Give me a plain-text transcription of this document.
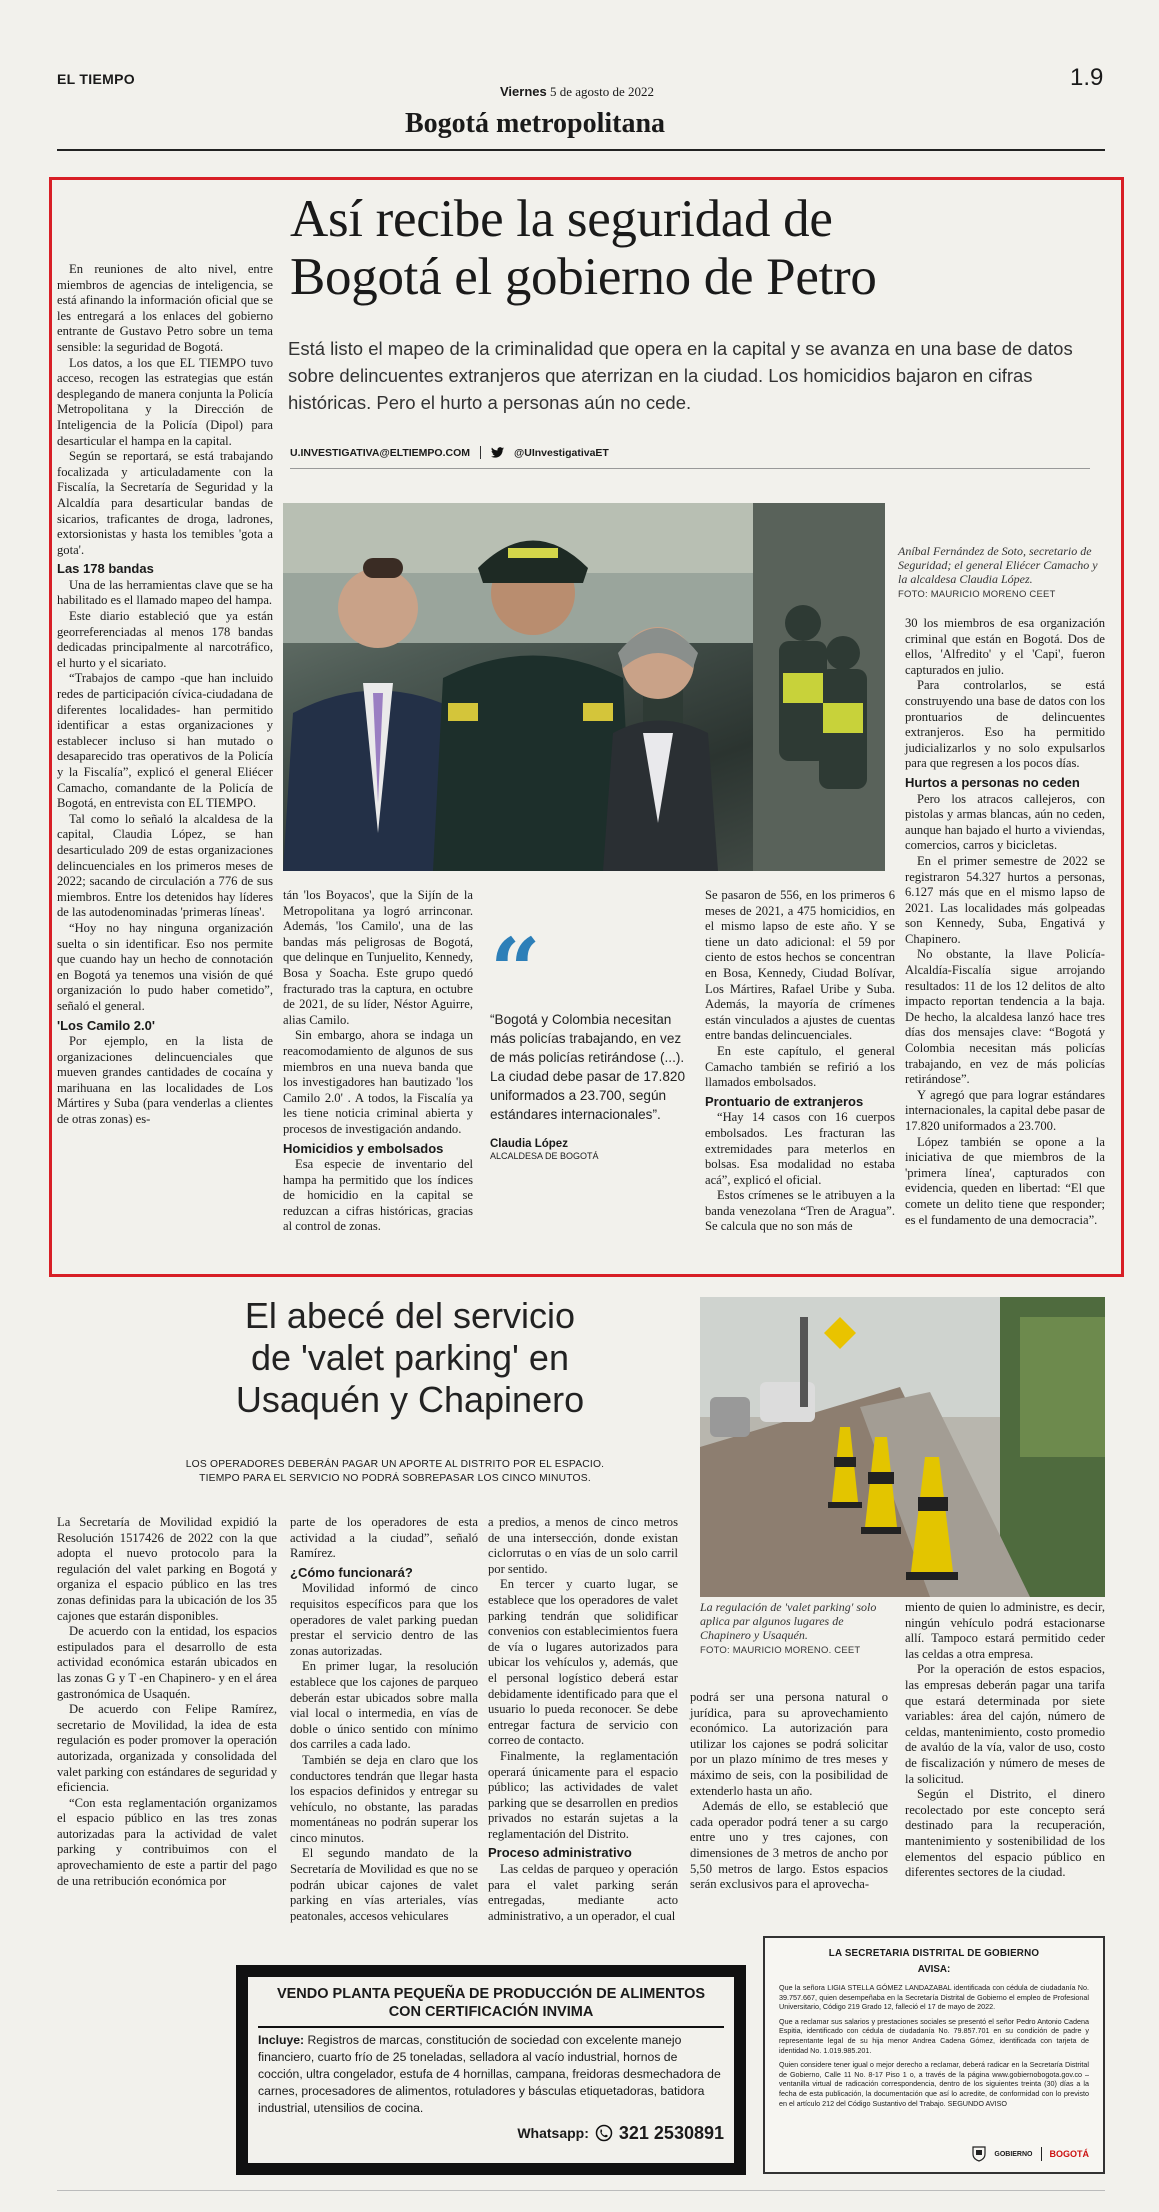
EL TIEMPO
Viernes 5 de agosto de 2022
1.9
Bogotá metropolitana
Así recibe la seguridad de
Bogotá el gobierno de Petro
Está listo el mapeo de la criminalidad que opera en la capital y se avanza en una base de datos sobre delincuentes extranjeros que aterrizan en la ciudad. Los homicidios bajaron en cifras históricas. Pero el hurto a personas aún no cede.
U.INVESTIGATIVA@ELTIEMPO.COM	@UInvestigativaET
Aníbal Fernández de Soto, secretario de Seguridad; el general Eliécer Camacho y la alcaldesa Claudia López.
FOTO: MAURICIO MORENO CEET

En reuniones de alto nivel, entre miembros de agencias de inteligencia, se está afinando la información oficial que se les entregará a los enlaces del gobierno entrante de Gustavo Petro sobre un tema sensible: la seguridad de Bogotá.

Los datos, a los que EL TIEMPO tuvo acceso, recogen las estrategias que están desplegando de manera conjunta la Policía Metropolitana y la Dirección de Inteligencia de la Policía (Dipol) para desarticular el hampa en la capital.

Según se reportará, se está trabajando focalizada y articuladamente con la Fiscalía, la Secretaría de Seguridad y la Alcaldía para desarticular bandas de sicarios, traficantes de droga, ladrones, extorsionistas y hasta los temibles 'gota a gota'.

Las 178 bandas

Una de las herramientas clave que se ha habilitado es el llamado mapeo del hampa.

Este diario estableció que ya están georreferenciadas al menos 178 bandas dedicadas principalmente al narcotráfico, el hurto y el sicariato.

“Trabajos de campo -que han incluido redes de participación cívica-ciudadana de diferentes localidades- han permitido identificar a estas organizaciones y establecer incluso si han mutado o desaparecido tras operativos de la Policía y la Fiscalía”, explicó el general Eliécer Camacho, comandante de la Policía de Bogotá, en entrevista con EL TIEMPO.

Tal como lo señaló la alcaldesa de la capital, Claudia López, se han desarticulado 209 de estas organizaciones delincuenciales en los primeros meses de 2022; sacando de circulación a 776 de sus miembros. Entre los detenidos hay líderes de las autodenominadas 'primeras líneas'.

“Hoy no hay ninguna organización suelta o sin identificar. Eso nos permite que cuando hay un hecho de connotación en Bogotá ya tenemos una visión de qué organización lo pudo haber cometido”, señaló el general.

'Los Camilo 2.0'

Por ejemplo, en la lista de organizaciones delincuenciales que mueven grandes cantidades de cocaína y marihuana en las localidades de Los Mártires y Suba (para venderlas a clientes de otras zonas) es-

tán 'los Boyacos', que la Sijín de la Metropolitana ya logró arrinconar. Además, 'los Camilo', una de las bandas más peligrosas de Bogotá, que delinque en Tunjuelito, Kennedy, Bosa y Soacha. Este grupo quedó fracturado tras la captura, en octubre de 2021, de su líder, Néstor Aguirre, alias Camilo.

Sin embargo, ahora se indaga un reacomodamiento de algunos de sus miembros en una nueva banda que los investigadores han bautizado 'los Camilo 2.0' . A todos, la Fiscalía ya les tiene noticia criminal abierta y procesos de investigación andando.

Homicidios y embolsados

Esa especie de inventario del hampa ha permitido que los índices de homicidio en la capital se reduzcan a cifras históricas, gracias al control de zonas.

“
“Bogotá y Colombia necesitan más policías trabajando, en vez de más policías retirándose (...). La ciudad debe pasar de 17.820 uniformados a 23.700, según estándares internacionales”.
Claudia López
ALCALDESA DE BOGOTÁ

Se pasaron de 556, en los primeros 6 meses de 2021, a 475 homicidios, en el mismo lapso de este año. Y se tiene un dato adicional: el 59 por ciento de estos hechos se concentran en Bosa, Kennedy, Ciudad Bolívar, Los Mártires, Rafael Uribe y Suba. Además, la mayoría de crímenes están vinculados a ajustes de cuentas entre bandas delincuenciales.

En este capítulo, el general Camacho también se refirió a los llamados embolsados.

Prontuario de extranjeros

“Hay 14 casos con 16 cuerpos embolsados. Les fracturan las extremidades para meterlos en bolsas. Esa modalidad no estaba acá”, explicó el oficial.

Estos crímenes se le atribuyen a la banda venezolana “Tren de Aragua”. Se calcula que no son más de

30 los miembros de esa organización criminal que están en Bogotá. Dos de ellos, 'Alfredito' y el 'Capi', fueron capturados en julio.

Para controlarlos, se está construyendo una base de datos con los prontuarios de delincuentes extranjeros. Eso ha permitido judicializarlos y no solo expulsarlos para que regresen a los pocos días.

Hurtos a personas no ceden

Pero los atracos callejeros, con pistolas y armas blancas, aún no ceden, aunque han bajado el hurto a viviendas, comercios, carros y bicicletas.

En el primer semestre de 2022 se registraron 54.327 hurtos a personas, 6.127 más que en el mismo lapso de 2021. Las localidades más golpeadas son Kennedy, Suba, Engativá y Chapinero.

No obstante, la llave Policía-Alcaldía-Fiscalía sigue arrojando resultados: 11 de los 12 delitos de alto impacto reportan tendencia a la baja. De hecho, la alcaldesa lanzó hace tres días dos mensajes clave: “Bogotá y Colombia necesitan más policías trabajando, en vez de más policías retirándose”.

Y agregó que para lograr estándares internacionales, la capital debe pasar de 17.820 uniformados a 23.700.

López también se opone a la iniciativa de que miembros de la 'primera línea', capturados con evidencia, queden en libertad: “El que comete un delito tiene que responder; es el fundamento de una democracia”.

El abecé del servicio
de 'valet parking' en
Usaquén y Chapinero
LOS OPERADORES DEBERÁN PAGAR UN APORTE AL DISTRITO POR EL ESPACIO.
TIEMPO PARA EL SERVICIO NO PODRÁ SOBREPASAR LOS CINCO MINUTOS.
La regulación de 'valet parking' solo aplica par algunos lugares de Chapinero y Usaquén.
FOTO: MAURICIO MORENO. CEET

La Secretaría de Movilidad expidió la Resolución 1517426 de 2022 con la que adopta el nuevo protocolo para la regulación del valet parking en Bogotá y organiza el espacio público en las tres zonas definidas para la ubicación de los 35 cajones que estarán disponibles.

De acuerdo con la entidad, los espacios estipulados para el desarrollo de esta actividad económica estarán ubicados en las zonas G y T -en Chapinero- y en el área gastronómica de Usaquén.

De acuerdo con Felipe Ramírez, secretario de Movilidad, la idea de esta regulación es poder promover la operación autorizada, organizada y consolidada del valet parking con estándares de seguridad y eficiencia.

“Con esta reglamentación organizamos el espacio público en las tres zonas autorizadas para la actividad de valet parking y contribuimos con el aprovechamiento de este a partir del pago de una retribución económica por

parte de los operadores de esta actividad a la ciudad”, señaló Ramírez.

¿Cómo funcionará?

Movilidad informó de cinco requisitos específicos para que los operadores de valet parking puedan prestar el servicio dentro de las zonas autorizadas.

En primer lugar, la resolución establece que los cajones de parqueo deberán estar ubicados sobre malla vial local o intermedia, en vías de doble o único sentido con mínimo dos carriles a cada lado.

También se deja en claro que los conductores tendrán que llegar hasta los espacios definidos y entregar su vehículo, no obstante, las paradas momentáneas no podrán superar los cinco minutos.

El segundo mandato de la Secretaría de Movilidad es que no se podrán ubicar cajones de valet parking en vías arteriales, vías peatonales, accesos vehiculares

a predios, a menos de cinco metros de una intersección, donde existan ciclorrutas o en vías de un solo carril por sentido.

En tercer y cuarto lugar, se establece que los operadores de valet parking tendrán que solidificar convenios con establecimientos fuera de vía o lugares autorizados para ubicar los vehículos y, además, que el personal logístico deberá estar debidamente identificado para que el usuario lo pueda reconocer. Se debe entregar factura de servicio con correo de contacto.

Finalmente, la reglamentación operará únicamente para el espacio público; las actividades de valet parking que se desarrollen en predios privados no estarán sujetas a la reglamentación del Distrito.

Proceso administrativo

Las celdas de parqueo y operación para el valet parking serán entregadas, mediante acto administrativo, a un operador, el cual

podrá ser una persona natural o jurídica, para su aprovechamiento económico. La autorización para utilizar los cajones se podrá solicitar por un plazo mínimo de tres meses y máximo de seis, con la posibilidad de extenderlo hasta un año.

Además de ello, se estableció que cada operador podrá tener a su cargo entre uno y tres cajones, con dimensiones de 3 metros de ancho por 5,50 metros de largo. Estos espacios serán exclusivos para el aprovecha-

miento de quien lo administre, es decir, ningún vehículo podrá estacionarse allí. Tampoco estará permitido ceder las celdas a otra empresa.

Por la operación de estos espacios, las empresas deberán pagar una tarifa que estará determinada por siete variables: área del cajón, número de celdas, mantenimiento, costo promedio de avalúo de la vía, valor de uso, costo de fiscalización y número de meses de la solicitud.

Según el Distrito, el dinero recolectado por este concepto será destinado para la recuperación, mantenimiento y sostenibilidad de los elementos del espacio público en diferentes sectores de la ciudad.

VENDO PLANTA PEQUEÑA DE PRODUCCIÓN DE ALIMENTOS
CON CERTIFICACIÓN INVIMA
Incluye: Registros de marcas, constitución de sociedad con excelente manejo financiero, cuarto frío de 25 toneladas, selladora al vacío industrial, hornos de cocción, ultra congelador, estufa de 4 hornillas, campana, freidoras desmechadora de carnes, procesadores de alimentos, rotuladores y básculas etiquetadoras, batidora industrial, utensilios de cocina.
Whatsapp: 321 2530891
LA SECRETARIA DISTRITAL DE GOBIERNO
AVISA:

Que la señora LIGIA STELLA GÓMEZ LANDAZABAL identificada con cédula de ciudadanía No. 39.757.667, quien desempeñaba en la Secretaría Distrital de Gobierno el empleo de Profesional Universitario, Código 219 Grado 12, falleció el 17 de mayo de 2022.

Que a reclamar sus salarios y prestaciones sociales se presentó el señor Pedro Antonio Cadena Espitia, identificado con cédula de ciudadanía No. 79.857.701 en su condición de padre y representante legal de su hija menor Andrea Cadena Gómez, identificada con tarjeta de identidad No. 1.019.985.201.

Quien considere tener igual o mejor derecho a reclamar, deberá radicar en la Secretaría Distrital de Gobierno, Calle 11 No. 8-17 Piso 1 o, a través de la página www.gobiernobogota.gov.co – ventanilla virtual de radicación correspondencia, dentro de los siguientes treinta (30) días a la fecha de esta publicación, la documentación que así lo acredite, de conformidad con lo previsto en el artículo 212 del Código Sustantivo del Trabajo. SEGUNDO AVISO

GOBIERNO BOGOTÁ
